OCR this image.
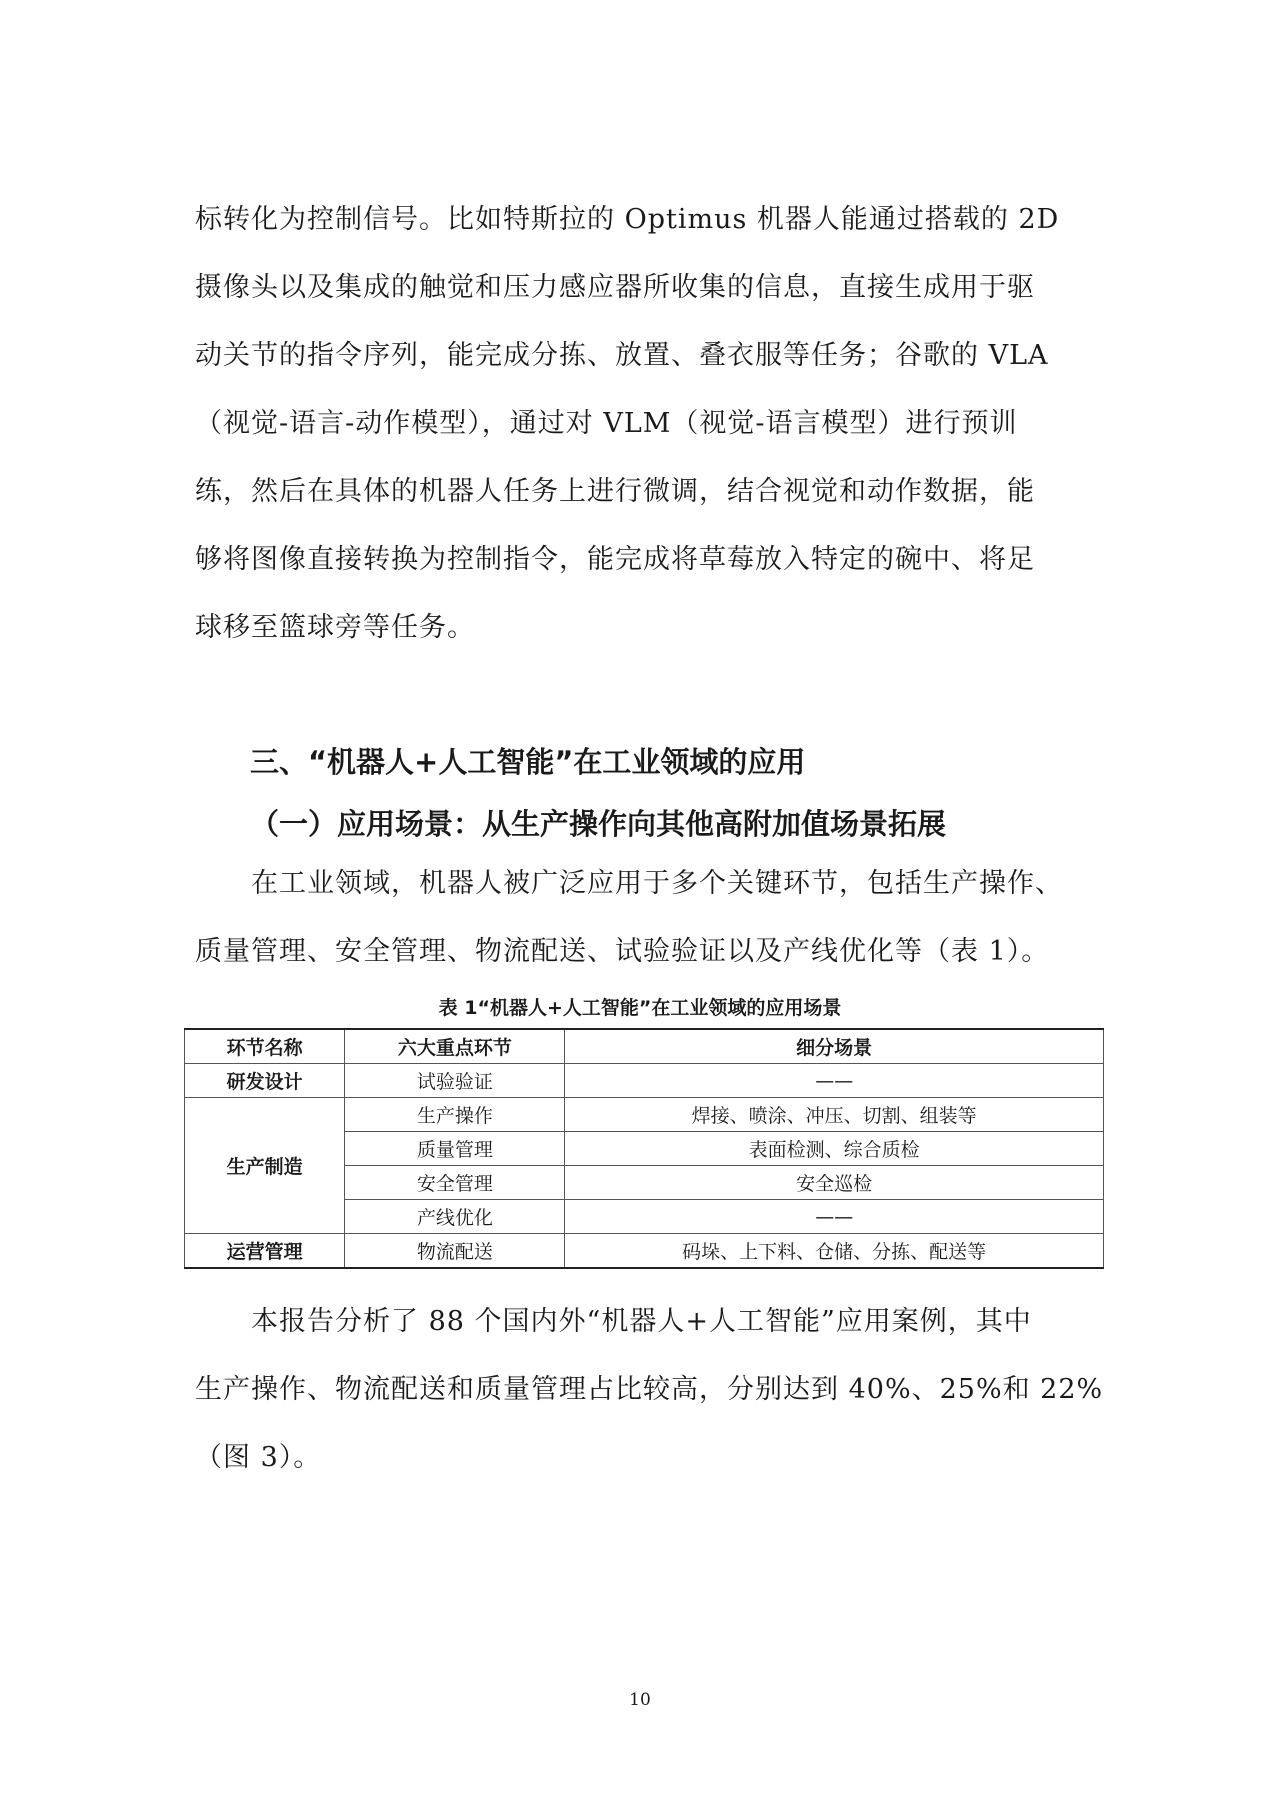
标转化为控制信号。比如特斯拉的 Optimus 机器人能通过搭载的 2D
摄像头以及集成的触觉和压力感应器所收集的信息，直接生成用于驱
动关节的指令序列，能完成分拣、放置、叠衣服等任务；谷歌的 VLA
（视觉-语言-动作模型），通过对 VLM（视觉-语言模型）进行预训
练，然后在具体的机器人任务上进行微调，结合视觉和动作数据，能
够将图像直接转换为控制指令，能完成将草莓放入特定的碗中、将足
球移至篮球旁等任务。
三、“机器人+人工智能”在工业领域的应用
（一）应用场景：从生产操作向其他高附加值场景拓展
在工业领域，机器人被广泛应用于多个关键环节，包括生产操作、
质量管理、安全管理、物流配送、试验验证以及产线优化等（表 1）。
表 1“机器人+人工智能”在工业领域的应用场景
环节名称	六大重点环节	细分场景
研发设计	试验验证	——
生产制造	生产操作	焊接、喷涂、冲压、切割、组装等
	质量管理	表面检测、综合质检
	安全管理	安全巡检
	产线优化	——
运营管理	物流配送	码垛、上下料、仓储、分拣、配送等
本报告分析了 88 个国内外“机器人+人工智能”应用案例，其中
生产操作、物流配送和质量管理占比较高，分别达到 40%、25%和 22%
（图 3）。
10
